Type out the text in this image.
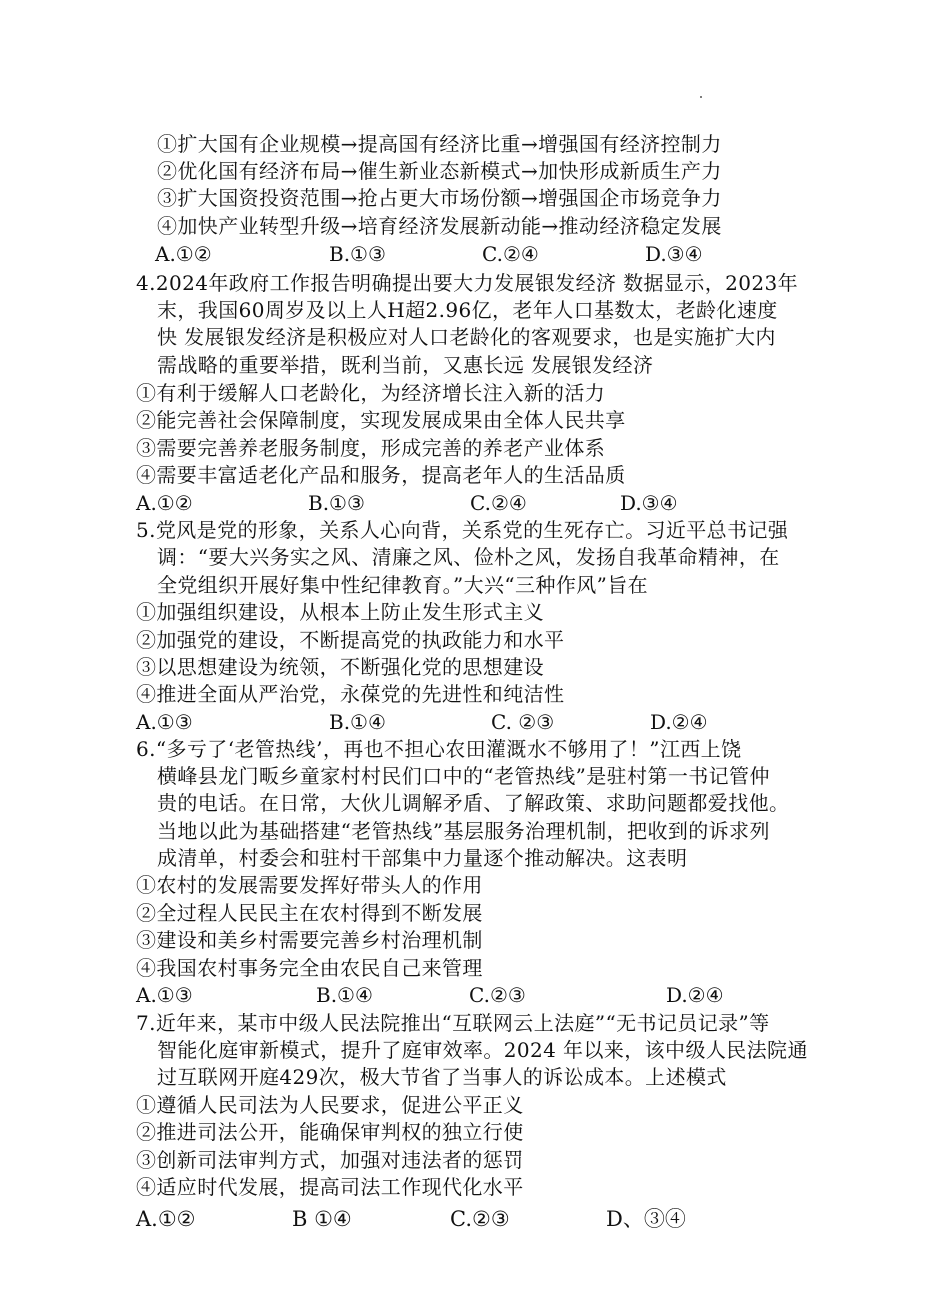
①扩大国有企业规模→提高国有经济比重→增强国有经济控制力
②优化国有经济布局→催生新业态新模式→加快形成新质生产力
③扩大国资投资范围→抢占更大市场份额→增强国企市场竞争力
④加快产业转型升级→培育经济发展新动能→推动经济稳定发展
A.①②	B.①③	C.②④	D.③④
4.2024年政府工作报告明确提出要大力发展银发经济 数据显示，2023年
末，我国60周岁及以上人H超2.96亿，老年人口基数太，老龄化速度
快 发展银发经济是积极应对人口老龄化的客观要求，也是实施扩大内
需战略的重要举措，既利当前，又惠长远 发展银发经济
①有利于缓解人口老龄化，为经济增长注入新的活力
②能完善社会保障制度，实现发展成果由全体人民共享
③需要完善养老服务制度，形成完善的养老产业体系
④需要丰富适老化产品和服务，提高老年人的生活品质
A.①②	B.①③	C.②④	D.③④
5.党风是党的形象，关系人心向背，关系党的生死存亡。习近平总书记强
调：“要大兴务实之风、清廉之风、俭朴之风，发扬自我革命精神，在
全党组织开展好集中性纪律教育。”大兴“三种作风”旨在
①加强组织建设，从根本上防止发生形式主义
②加强党的建设，不断提高党的执政能力和水平
③以思想建设为统领，不断强化党的思想建设
④推进全面从严治党，永葆党的先进性和纯洁性
A.①③	B.①④	C. ②③	D.②④
6.“多亏了‘老管热线’，再也不担心农田灌溉水不够用了！”江西上饶
横峰县龙门畈乡童家村村民们口中的“老管热线”是驻村第一书记管仲
贵的电话。在日常，大伙儿调解矛盾、了解政策、求助问题都爱找他。
当地以此为基础搭建“老管热线”基层服务治理机制，把收到的诉求列
成清单，村委会和驻村干部集中力量逐个推动解决。这表明
①农村的发展需要发挥好带头人的作用
②全过程人民民主在农村得到不断发展
③建设和美乡村需要完善乡村治理机制
④我国农村事务完全由农民自己来管理
A.①③	B.①④	C.②③	D.②④
7.近年来，某市中级人民法院推出“互联网云上法庭”“无书记员记录”等
智能化庭审新模式，提升了庭审效率。2024 年以来，该中级人民法院通
过互联网开庭429次，极大节省了当事人的诉讼成本。上述模式
①遵循人民司法为人民要求，促进公平正义
②推进司法公开，能确保审判权的独立行使
③创新司法审判方式，加强对违法者的惩罚
④适应时代发展，提高司法工作现代化水平
A.①②	B ①④	C.②③	D、③④
